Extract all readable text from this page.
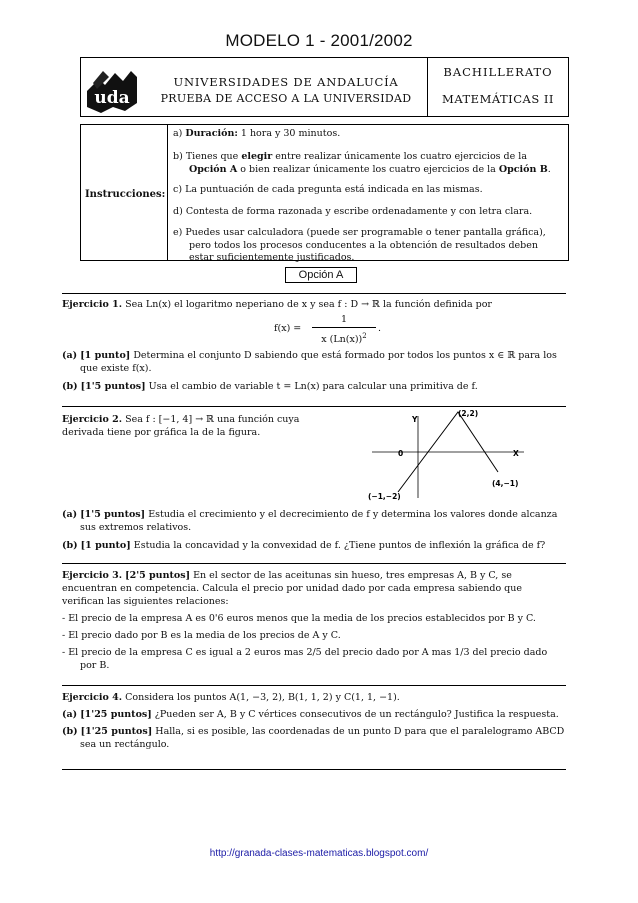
MODELO 1 - 2001/2002
uda
UNIVERSIDADES DE ANDALUCÍA
PRUEBA DE ACCESO A LA UNIVERSIDAD
BACHILLERATO
MATEMÁTICAS II
Instrucciones:
a) Duración: 1 hora y 30 minutos.
b) Tienes que elegir entre realizar únicamente los cuatro ejercicios de la Opción A o bien realizar únicamente los cuatro ejercicios de la Opción B.
c) La puntuación de cada pregunta está indicada en las mismas.
d) Contesta de forma razonada y escribe ordenadamente y con letra clara.
e) Puedes usar calculadora (puede ser programable o tener pantalla gráfica), pero todos los procesos conducentes a la obtención de resultados deben estar suficientemente justificados.
Opción A
Ejercicio 1. Sea Ln(x) el logaritmo neperiano de x y sea f : D → ℝ la función definida por
f(x) =
1
x $(Ln(x))^2$
.
(a) [1 punto] Determina el conjunto D sabiendo que está formado por todos los puntos x ∈ ℝ para los que existe f(x).
(b) [1'5 puntos] Usa el cambio de variable t = Ln(x) para calcular una primitiva de f.
Ejercicio 2. Sea f : [−1, 4] → ℝ una función cuya derivada tiene por gráfica la de la figura.
Y
X
0
(2,2)
(4,−1)
(−1,−2)
(a) [1'5 puntos] Estudia el crecimiento y el decrecimiento de f y determina los valores donde alcanza sus extremos relativos.
(b) [1 punto] Estudia la concavidad y la convexidad de f. ¿Tiene puntos de inflexión la gráfica de f?
Ejercicio 3. [2'5 puntos] En el sector de las aceitunas sin hueso, tres empresas A, B y C, se encuentran en competencia. Calcula el precio por unidad dado por cada empresa sabiendo que verifican las siguientes relaciones:
- El precio de la empresa A es 0'6 euros menos que la media de los precios establecidos por B y C.
- El precio dado por B es la media de los precios de A y C.
- El precio de la empresa C es igual a 2 euros mas 2/5 del precio dado por A mas 1/3 del precio dado por B.
Ejercicio 4. Considera los puntos A(1, −3, 2), B(1, 1, 2) y C(1, 1, −1).
(a) [1'25 puntos] ¿Pueden ser A, B y C vértices consecutivos de un rectángulo? Justifica la respuesta.
(b) [1'25 puntos] Halla, si es posible, las coordenadas de un punto D para que el paralelogramo ABCD sea un rectángulo.
http://granada-clases-matematicas.blogspot.com/
